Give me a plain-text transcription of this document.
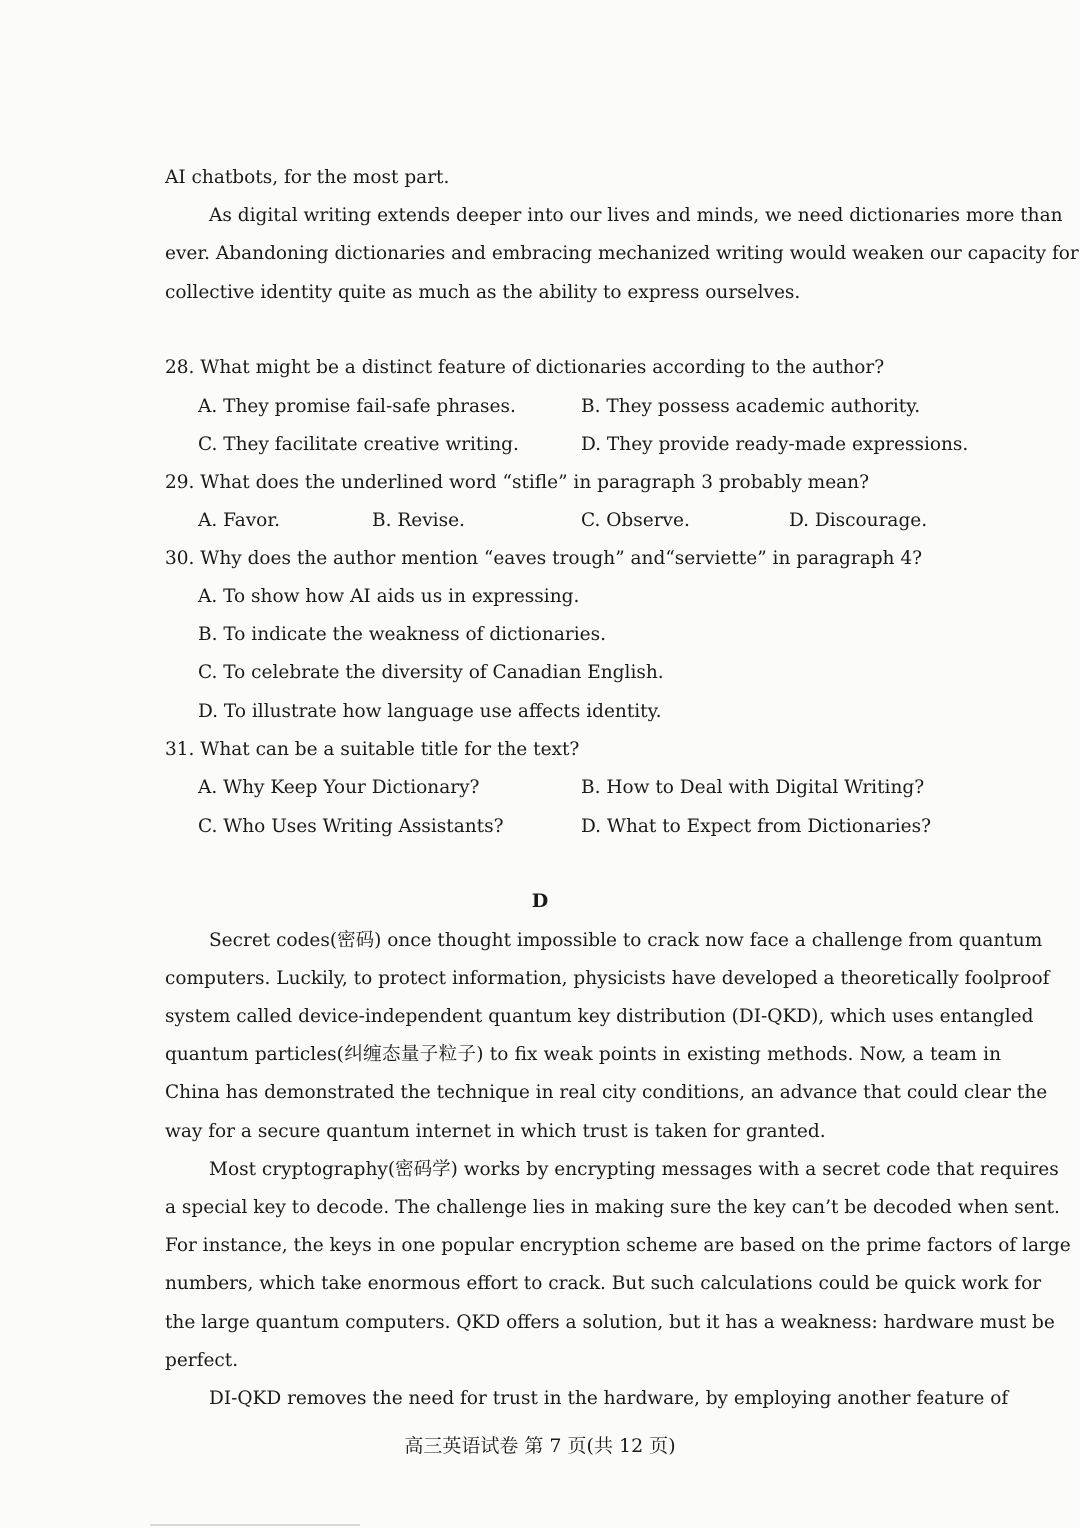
AI chatbots, for the most part.
As digital writing extends deeper into our lives and minds, we need dictionaries more than
ever. Abandoning dictionaries and embracing mechanized writing would weaken our capacity for
collective identity quite as much as the ability to express ourselves.
28. What might be a distinct feature of dictionaries according to the author?
A. They promise fail-safe phrases.	B. They possess academic authority.
C. They facilitate creative writing.	D. They provide ready-made expressions.
29. What does the underlined word “stifle” in paragraph 3 probably mean?
A. Favor.	B. Revise.	C. Observe.	D. Discourage.
30. Why does the author mention “eaves trough” and“serviette” in paragraph 4?
A. To show how AI aids us in expressing.
B. To indicate the weakness of dictionaries.
C. To celebrate the diversity of Canadian English.
D. To illustrate how language use affects identity.
31. What can be a suitable title for the text?
A. Why Keep Your Dictionary?	B. How to Deal with Digital Writing?
C. Who Uses Writing Assistants?	D. What to Expect from Dictionaries?
D
Secret codes(密码) once thought impossible to crack now face a challenge from quantum
computers. Luckily, to protect information, physicists have developed a theoretically foolproof
system called device-independent quantum key distribution (DI-QKD), which uses entangled
quantum particles(纠缠态量子粒子) to fix weak points in existing methods. Now, a team in
China has demonstrated the technique in real city conditions, an advance that could clear the
way for a secure quantum internet in which trust is taken for granted.
Most cryptography(密码学) works by encrypting messages with a secret code that requires
a special key to decode. The challenge lies in making sure the key can’t be decoded when sent.
For instance, the keys in one popular encryption scheme are based on the prime factors of large
numbers, which take enormous effort to crack. But such calculations could be quick work for
the large quantum computers. QKD offers a solution, but it has a weakness: hardware must be
perfect.
DI-QKD removes the need for trust in the hardware, by employing another feature of
高三英语试卷 第 7 页(共 12 页)
